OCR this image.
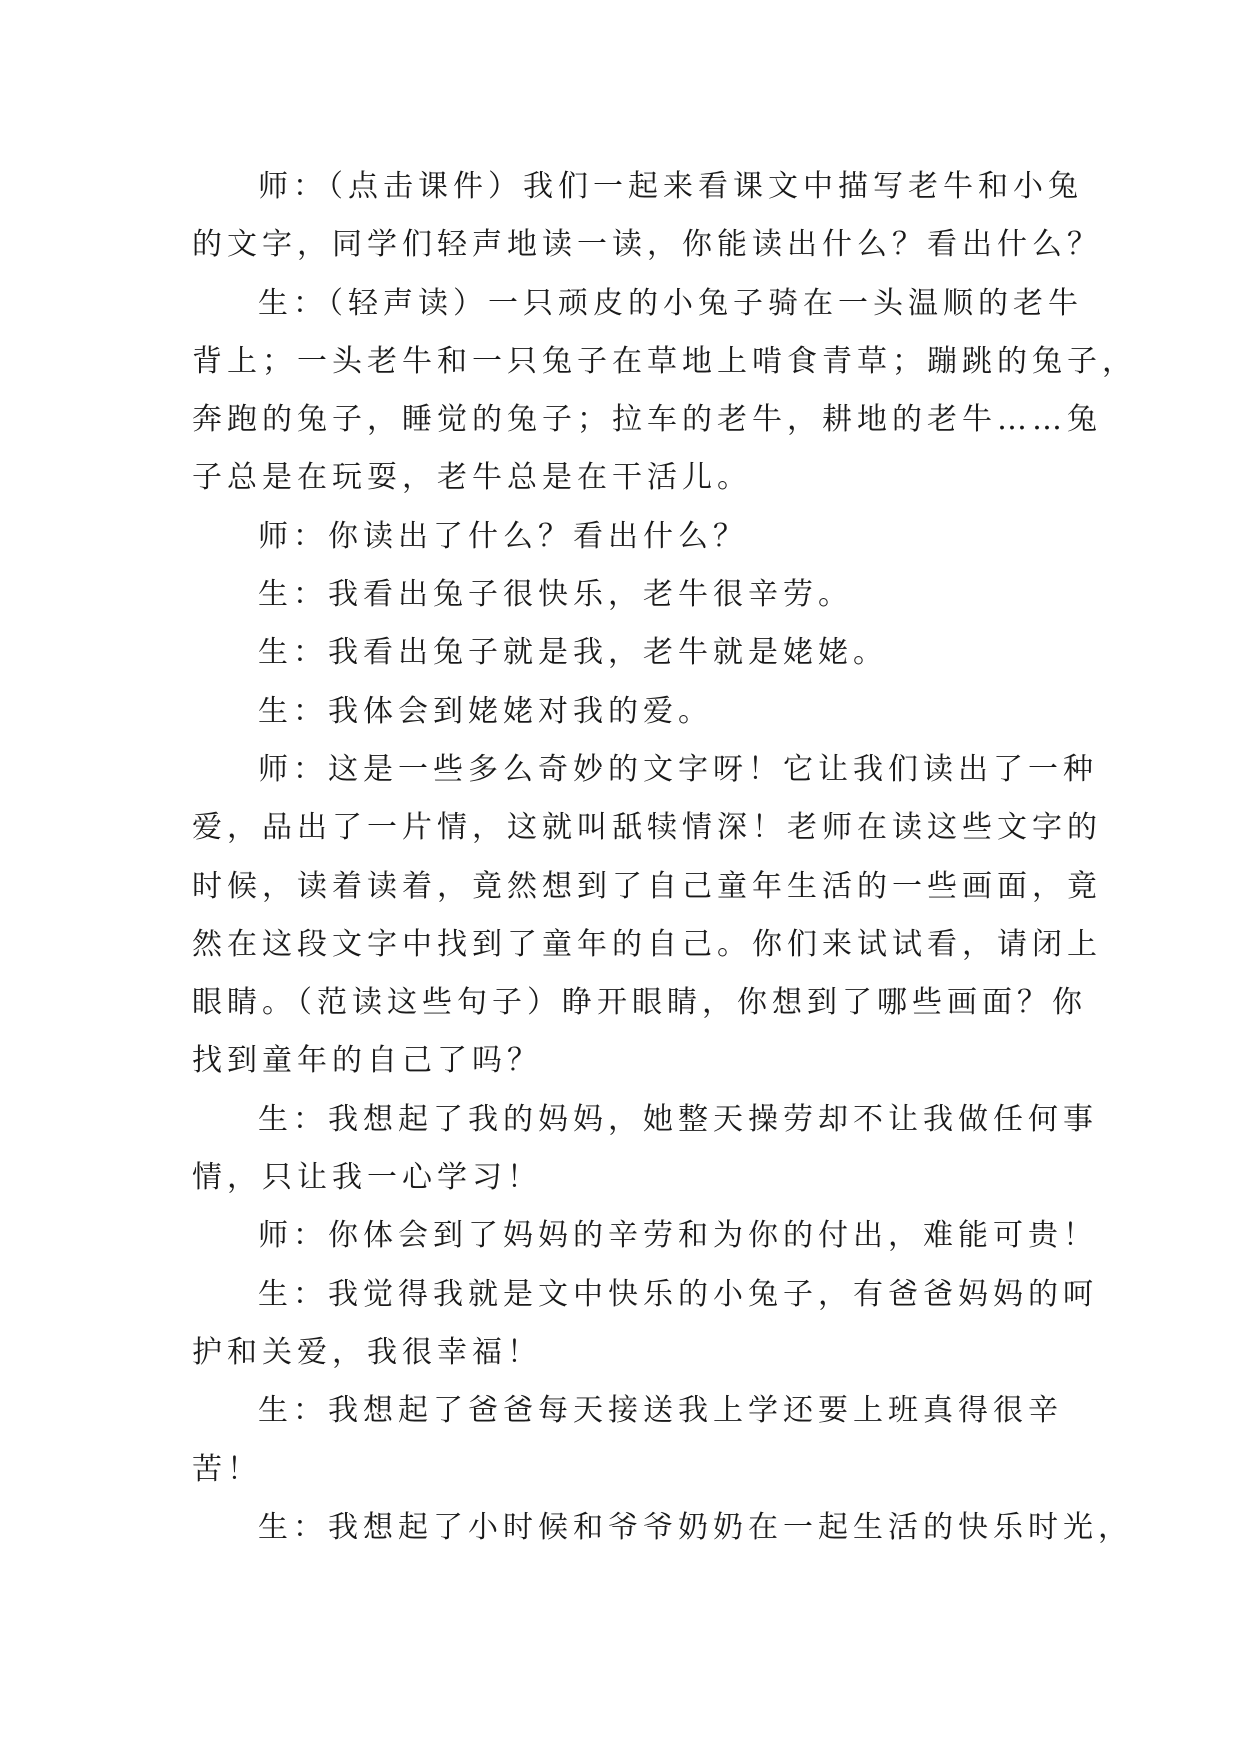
师：（点击课件）我们一起来看课文中描写老牛和小兔
的文字，同学们轻声地读一读，你能读出什么？看出什么？

生：（轻声读）一只顽皮的小兔子骑在一头温顺的老牛
背上；一头老牛和一只兔子在草地上啃食青草；蹦跳的兔子，
奔跑的兔子，睡觉的兔子；拉车的老牛，耕地的老牛……兔
子总是在玩耍，老牛总是在干活儿。

师：你读出了什么？看出什么？

生：我看出兔子很快乐，老牛很辛劳。

生：我看出兔子就是我，老牛就是姥姥。

生：我体会到姥姥对我的爱。

师：这是一些多么奇妙的文字呀！它让我们读出了一种
爱，品出了一片情，这就叫舐犊情深！老师在读这些文字的
时候，读着读着，竟然想到了自己童年生活的一些画面，竟
然在这段文字中找到了童年的自己。你们来试试看，请闭上
眼睛。（范读这些句子）睁开眼睛，你想到了哪些画面？你
找到童年的自己了吗？

生：我想起了我的妈妈，她整天操劳却不让我做任何事
情，只让我一心学习！

师：你体会到了妈妈的辛劳和为你的付出，难能可贵！

生：我觉得我就是文中快乐的小兔子，有爸爸妈妈的呵
护和关爱，我很幸福！

生：我想起了爸爸每天接送我上学还要上班真得很辛
苦！

生：我想起了小时候和爷爷奶奶在一起生活的快乐时光，
